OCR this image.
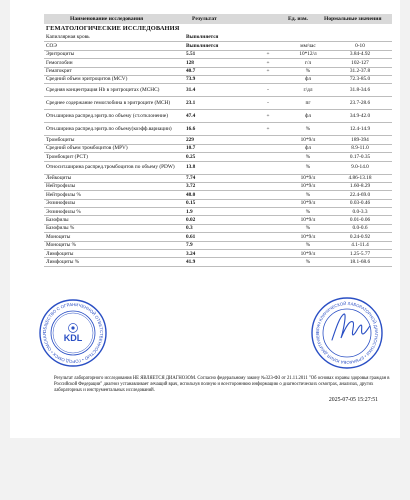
Наименование исследования	Результат	Ед. изм.	Нормальные значения
ГЕМАТОЛОГИЧЕСКИЕ ИССЛЕДОВАНИЯ
Капиллярная кровь	Выполняется			
СОЭ	Выполняется		мм/час	0-10
Эритроциты	5.51	+	10*12/л	3.84-4.92
Гемоглобин	128	+	г/л	102-127
Гематокрит	40.7	+	%	31.2-37.8
Средний объем эритроцитов (MCV)	73.9		фл	72.3-85.0
Средняя концентрация Hb в эритроцитах (МСНС)	31.4	-	г/дл	31.8-34.6
Среднее содержание гемоглобина в эритроците (МСН)	23.1	-	пг	23.7-28.6
Отн.ширина распред.эритр.по объему (ст.отклонение)	47.4	+	фл	34.9-42.0
Отн.ширина распред.эритр.по объему(коэфф.вариации)	16.6	+	%	12.4-14.9
Тромбоциты	229		10*9/л	189-394
Средний объем тромбоцитов (MPV)	10.7		фл	8.9-11.0
Тромбокрит (PCT)	0.25		%	0.17-0.35
Относит.ширина распред.тромбоцитов по объему (PDW)	13.8		%	9.0-14.0
Лейкоциты	7.74		10*9/л	4.86-13.18
Нейтрофилы	3.72		10*9/л	1.60-8.29
Нейтрофилы %	48.0		%	22.4-69.0
Эозинофилы	0.15		10*9/л	0.03-0.46
Эозинофилы %	1.9		%	0.0-3.3
Базофилы	0.02		10*9/л	0.01-0.06
Базофилы %	0.3		%	0.0-0.6
Моноциты	0.61		10*9/л	0.24-0.92
Моноциты %	7.9		%	4.1-11.4
Лимфоциты	3.24		10*9/л	1.25-5.77
Лимфоциты %	41.9		%	18.1-68.6
ОБЩЕСТВО С ОГРАНИЧЕННОЙ ОТВЕТСТВЕННОСТЬЮ • ГОРОД ОМСК • ОМСКАЯ	KDL
ВРАЧ КЛИНИЧЕСКОЙ ЛАБОРАТОРНОЙ ДИАГНОСТИКИ • ЕРМАКОВА ЮЛИЯ ДМИТРИЕВ
Результат лабораторного исследования НЕ ЯВЛЯЕТСЯ ДИАГНОЗОМ. Согласно федеральному закону №323-ФЗ от 21.11.2011 "Об основах охраны здоровья граждан в Российской Федерации" диагноз устанавливает лечащий врач, используя полную и всестороннюю информацию о диагностических осмотрах, анализах, других лабораторных и инструментальных исследований.
2025-07-05 15:27:51
